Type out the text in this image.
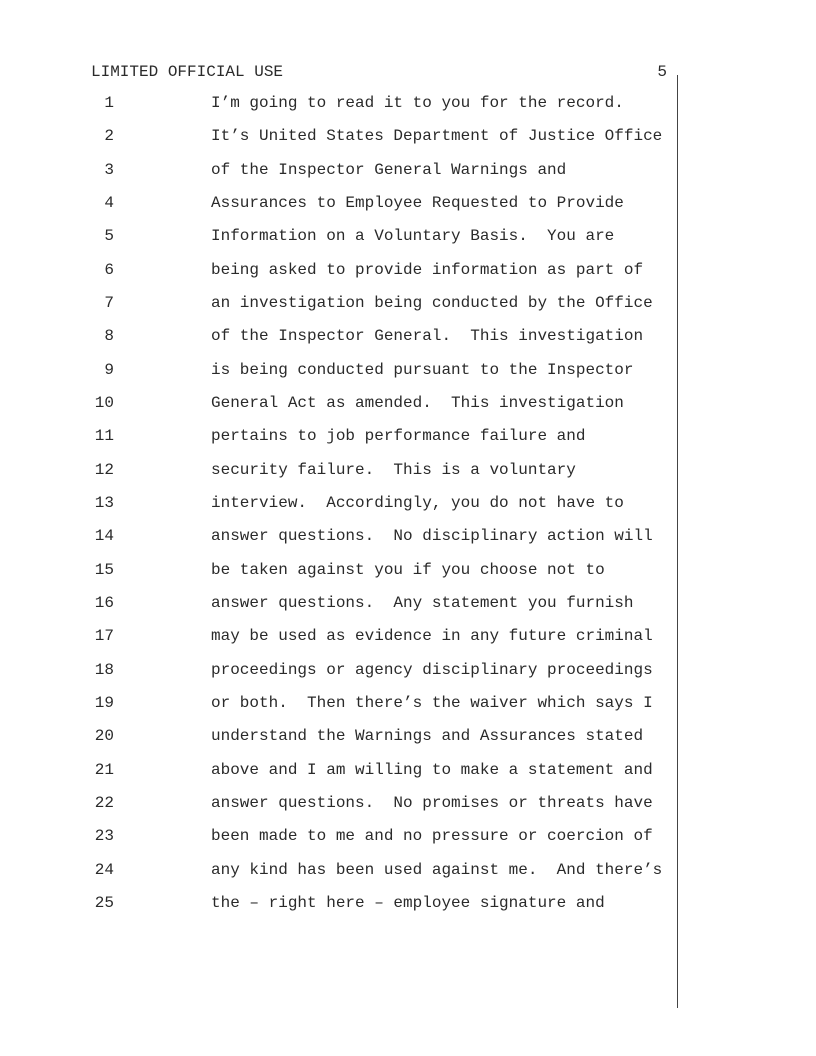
LIMITED OFFICIAL USE	5
1	I’m going to read it to you for the record.
2	It’s United States Department of Justice Office
3	of the Inspector General Warnings and
4	Assurances to Employee Requested to Provide
5	Information on a Voluntary Basis.  You are
6	being asked to provide information as part of
7	an investigation being conducted by the Office
8	of the Inspector General.  This investigation
9	is being conducted pursuant to the Inspector
10	General Act as amended.  This investigation
11	pertains to job performance failure and
12	security failure.  This is a voluntary
13	interview.  Accordingly, you do not have to
14	answer questions.  No disciplinary action will
15	be taken against you if you choose not to
16	answer questions.  Any statement you furnish
17	may be used as evidence in any future criminal
18	proceedings or agency disciplinary proceedings
19	or both.  Then there’s the waiver which says I
20	understand the Warnings and Assurances stated
21	above and I am willing to make a statement and
22	answer questions.  No promises or threats have
23	been made to me and no pressure or coercion of
24	any kind has been used against me.  And there’s
25	the – right here – employee signature and
